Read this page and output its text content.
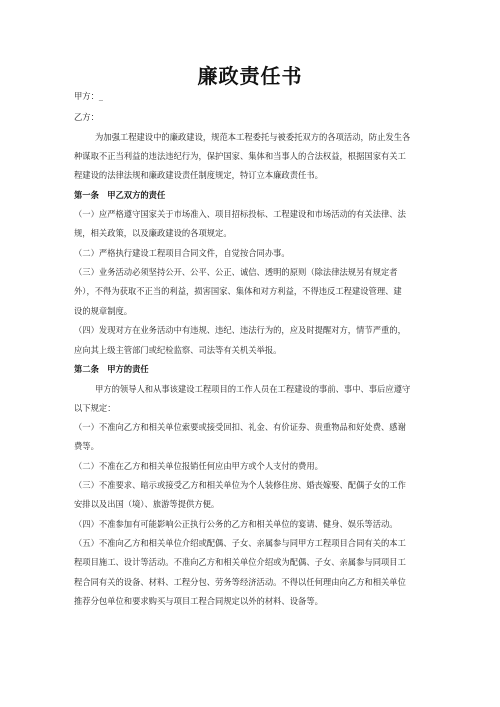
廉政责任书
甲方：_
乙方：
为加强工程建设中的廉政建设，规范本工程委托与被委托双方的各项活动，防止发生各
种谋取不正当利益的违法违纪行为，保护国家、集体和当事人的合法权益，根据国家有关工
程建设的法律法规和廉政建设责任制度规定，特订立本廉政责任书。
第一条　甲乙双方的责任
（一）应严格遵守国家关于市场准入、项目招标投标、工程建设和市场活动的有关法律、法
规，相关政策，以及廉政建设的各项规定。
（二）严格执行建设工程项目合同文件，自觉按合同办事。
（三）业务活动必须坚持公开、公平、公正、诚信、透明的原则（除法律法规另有规定者
外），不得为获取不正当的利益，损害国家、集体和对方利益，不得违反工程建设管理、建
设的规章制度。
（四）发现对方在业务活动中有违规、违纪、违法行为的，应及时提醒对方，情节严重的，
应向其上级主管部门或纪检监察、司法等有关机关举报。
第二条　甲方的责任
甲方的领导人和从事该建设工程项目的工作人员在工程建设的事前、事中、事后应遵守
以下规定：
（一）不准向乙方和相关单位索要或接受回扣、礼金、有价证券、贵重物品和好处费、感谢
费等。
（二）不准在乙方和相关单位报销任何应由甲方或个人支付的费用。
（三）不准要求、暗示或接受乙方和相关单位为个人装修住房、婚丧嫁娶、配偶子女的工作
安排以及出国（境）、旅游等提供方便。
（四）不准参加有可能影响公正执行公务的乙方和相关单位的宴请、健身、娱乐等活动。
（五）不准向乙方和相关单位介绍或配偶、子女、亲属参与同甲方工程项目合同有关的本工
程项目施工、设计等活动。不准向乙方和相关单位介绍或为配偶、子女、亲属参与同项目工
程合同有关的设备、材料、工程分包、劳务等经济活动。不得以任何理由向乙方和相关单位
推荐分包单位和要求购买与项目工程合同规定以外的材料、设备等。
